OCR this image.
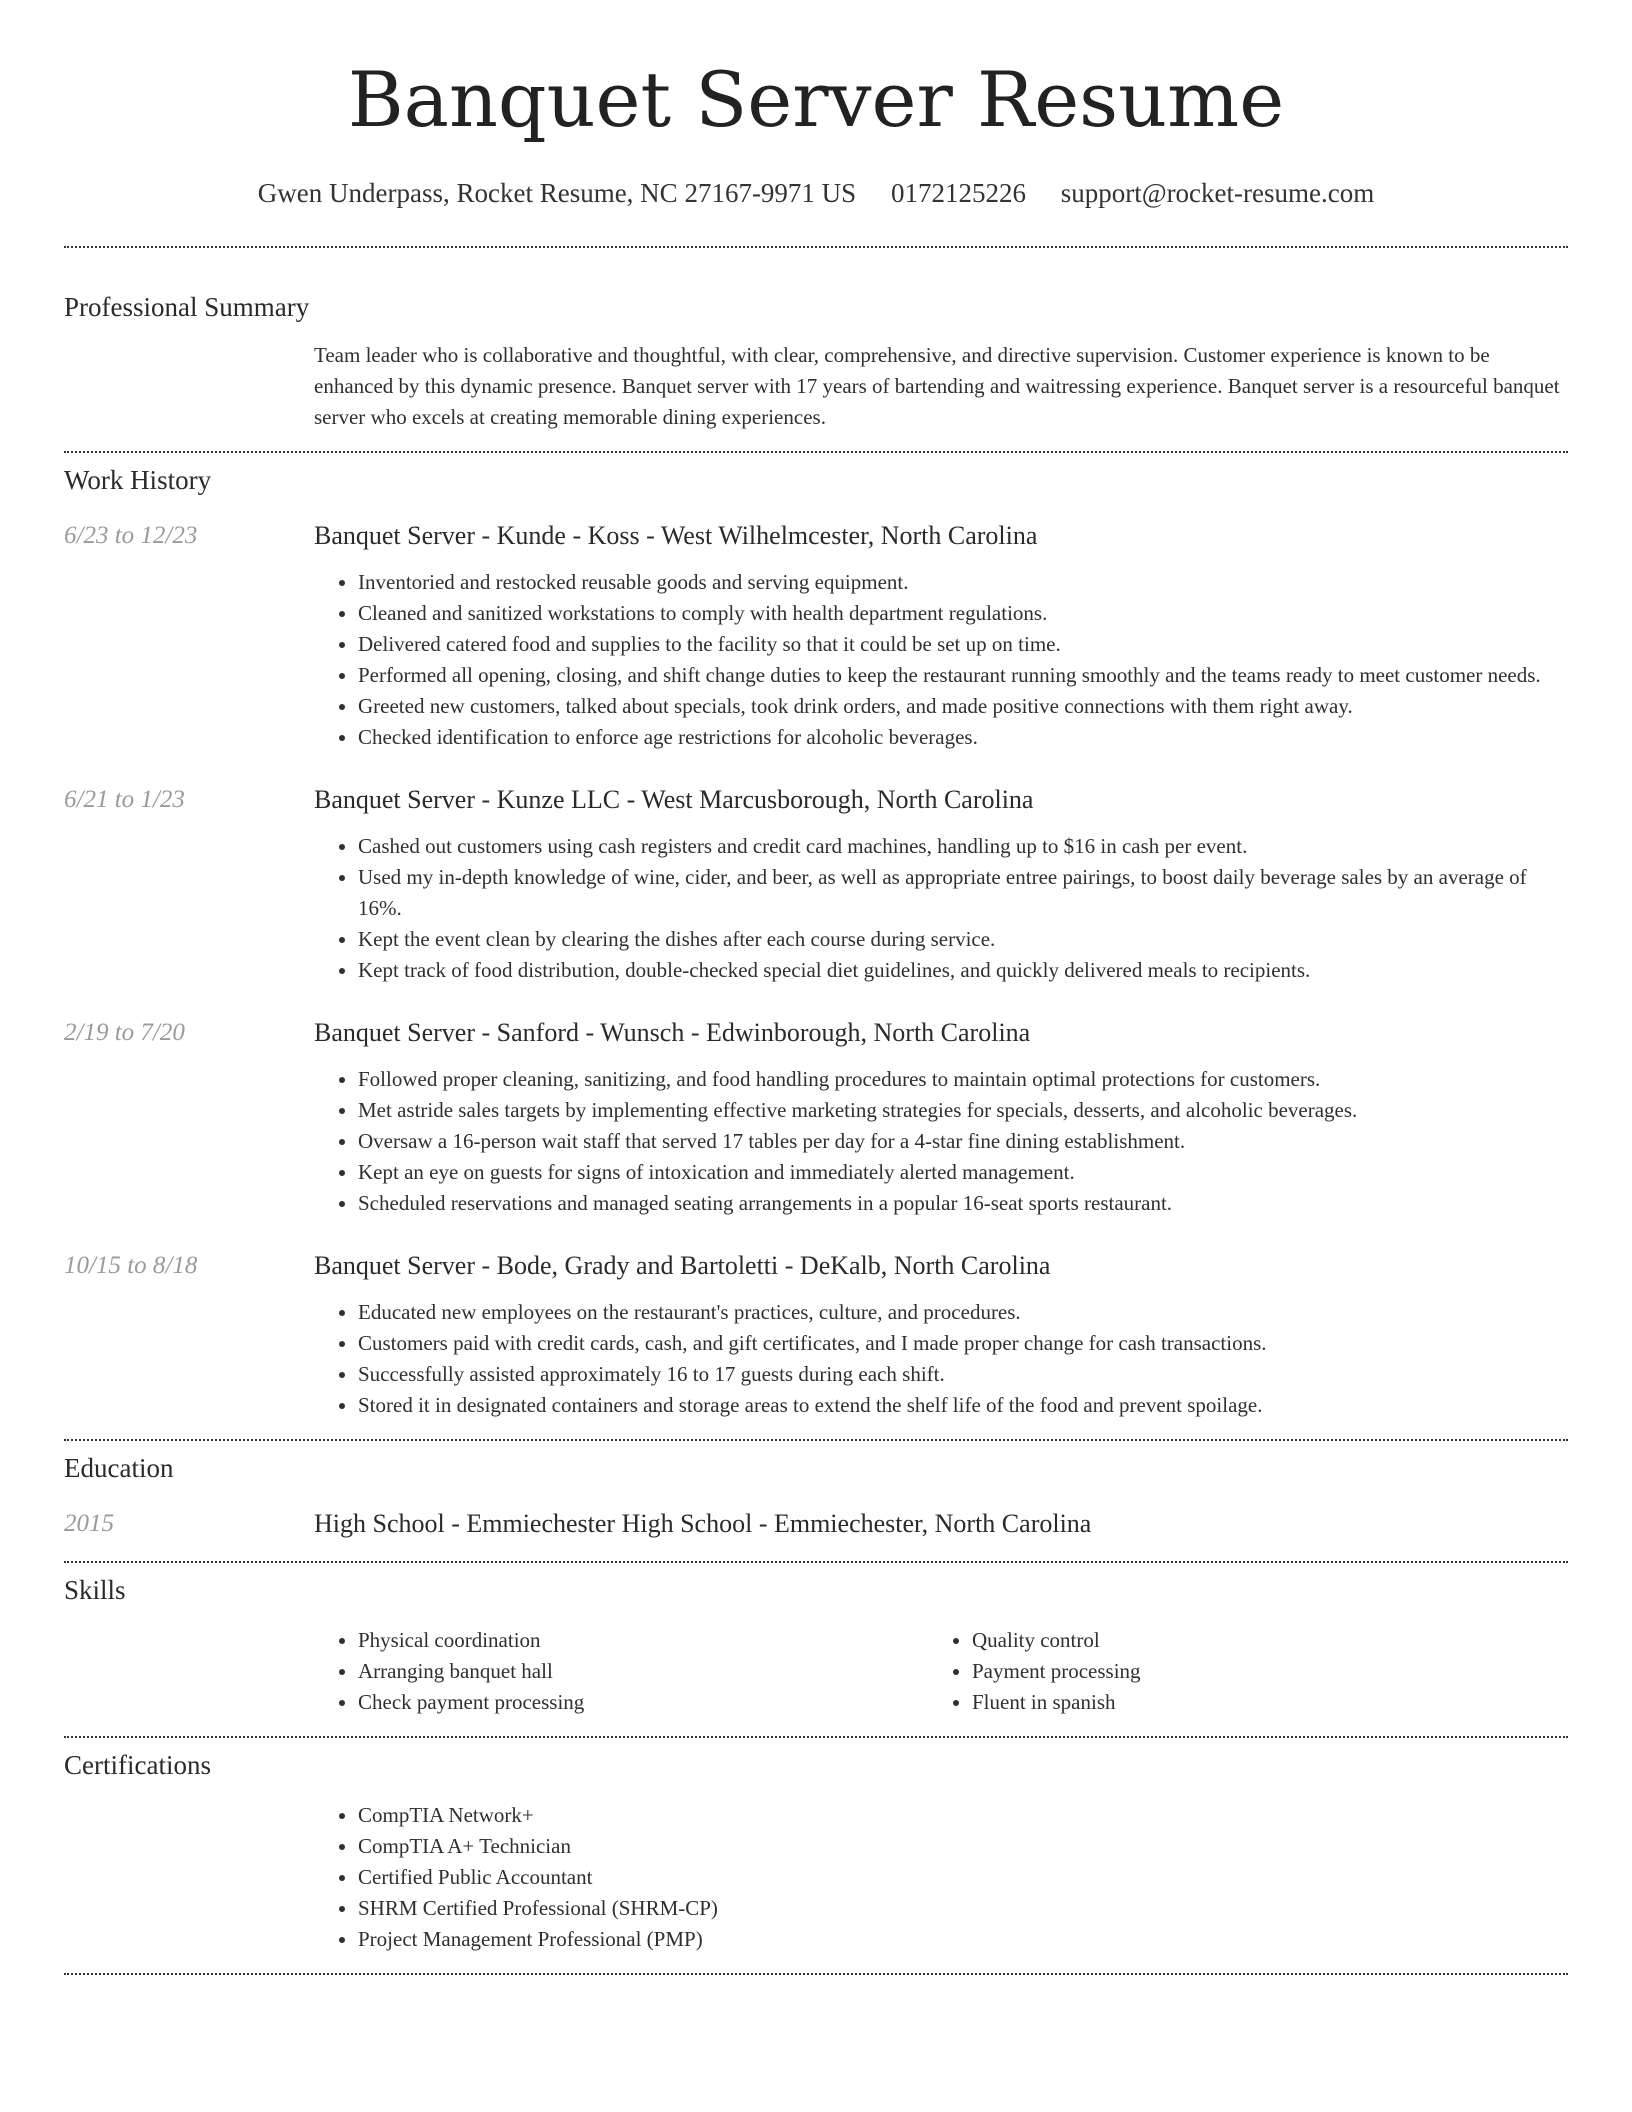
Banquet Server Resume
Gwen Underpass, Rocket Resume, NC 27167-9971 US 0172125226 support@rocket-resume.com
Professional Summary
Team leader who is collaborative and thoughtful, with clear, comprehensive, and directive supervision. Customer experience is known to be enhanced by this dynamic presence. Banquet server with 17 years of bartending and waitressing experience. Banquet server is a resourceful banquet server who excels at creating memorable dining experiences.
Work History
6/23 to 12/23	Banquet Server - Kunde - Koss - West Wilhelmcester, North Carolina
• Inventoried and restocked reusable goods and serving equipment.
• Cleaned and sanitized workstations to comply with health department regulations.
• Delivered catered food and supplies to the facility so that it could be set up on time.
• Performed all opening, closing, and shift change duties to keep the restaurant running smoothly and the teams ready to meet customer needs.
• Greeted new customers, talked about specials, took drink orders, and made positive connections with them right away.
• Checked identification to enforce age restrictions for alcoholic beverages.
6/21 to 1/23	Banquet Server - Kunze LLC - West Marcusborough, North Carolina
• Cashed out customers using cash registers and credit card machines, handling up to $16 in cash per event.
• Used my in-depth knowledge of wine, cider, and beer, as well as appropriate entree pairings, to boost daily beverage sales by an average of 16%.
• Kept the event clean by clearing the dishes after each course during service.
• Kept track of food distribution, double-checked special diet guidelines, and quickly delivered meals to recipients.
2/19 to 7/20	Banquet Server - Sanford - Wunsch - Edwinborough, North Carolina
• Followed proper cleaning, sanitizing, and food handling procedures to maintain optimal protections for customers.
• Met astride sales targets by implementing effective marketing strategies for specials, desserts, and alcoholic beverages.
• Oversaw a 16-person wait staff that served 17 tables per day for a 4-star fine dining establishment.
• Kept an eye on guests for signs of intoxication and immediately alerted management.
• Scheduled reservations and managed seating arrangements in a popular 16-seat sports restaurant.
10/15 to 8/18	Banquet Server - Bode, Grady and Bartoletti - DeKalb, North Carolina
• Educated new employees on the restaurant's practices, culture, and procedures.
• Customers paid with credit cards, cash, and gift certificates, and I made proper change for cash transactions.
• Successfully assisted approximately 16 to 17 guests during each shift.
• Stored it in designated containers and storage areas to extend the shelf life of the food and prevent spoilage.
Education
2015	High School - Emmiechester High School - Emmiechester, North Carolina
Skills
• Physical coordination
• Arranging banquet hall
• Check payment processing
• Quality control
• Payment processing
• Fluent in spanish
Certifications
• CompTIA Network+
• CompTIA A+ Technician
• Certified Public Accountant
• SHRM Certified Professional (SHRM-CP)
• Project Management Professional (PMP)
